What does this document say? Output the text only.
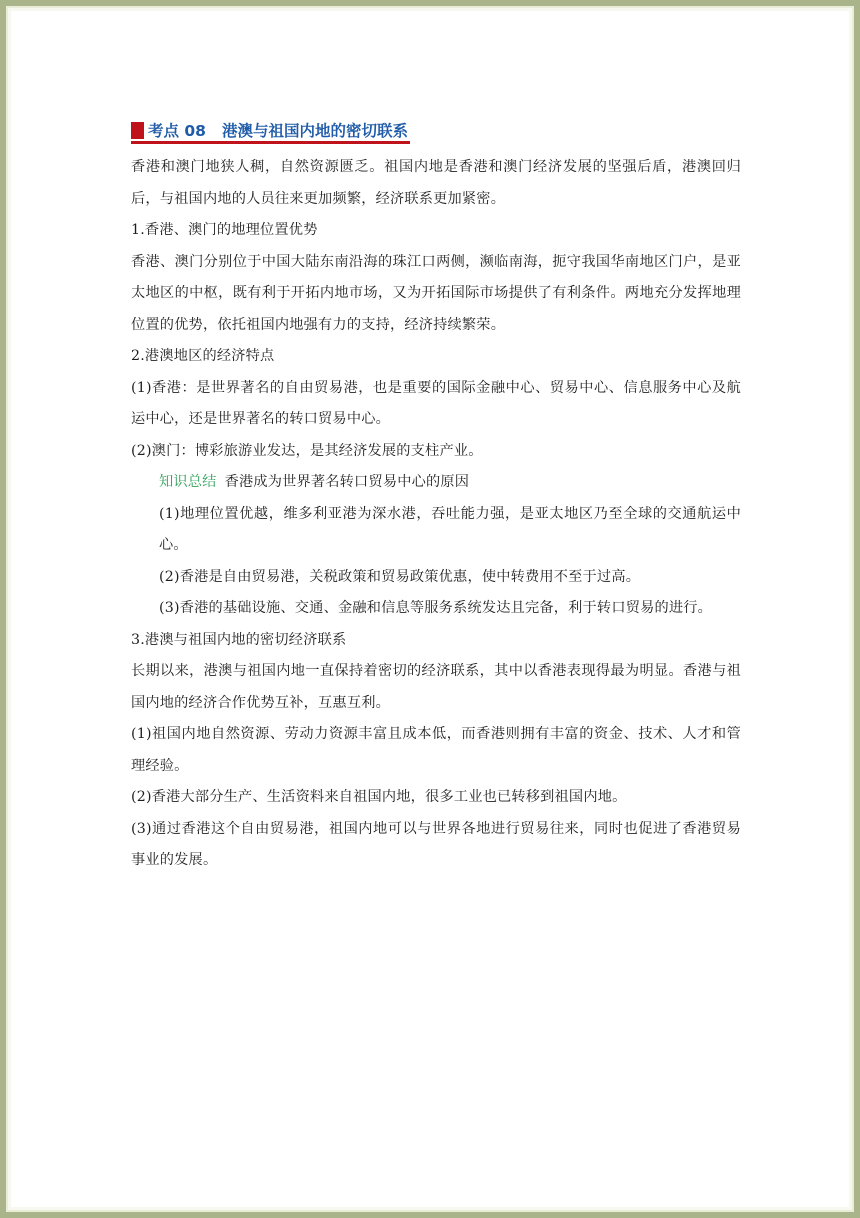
考点 08 港澳与祖国内地的密切联系

香港和澳门地狭人稠，自然资源匮乏。祖国内地是香港和澳门经济发展的坚强后盾，港澳回归后，与祖国内地的人员往来更加频繁，经济联系更加紧密。

1.香港、澳门的地理位置优势

香港、澳门分别位于中国大陆东南沿海的珠江口两侧，濒临南海，扼守我国华南地区门户，是亚太地区的中枢，既有利于开拓内地市场，又为开拓国际市场提供了有利条件。两地充分发挥地理位置的优势，依托祖国内地强有力的支持，经济持续繁荣。

2.港澳地区的经济特点

(1)香港：是世界著名的自由贸易港，也是重要的国际金融中心、贸易中心、信息服务中心及航运中心，还是世界著名的转口贸易中心。

(2)澳门：博彩旅游业发达，是其经济发展的支柱产业。

知识总结 香港成为世界著名转口贸易中心的原因

(1)地理位置优越，维多利亚港为深水港，吞吐能力强，是亚太地区乃至全球的交通航运中心。

(2)香港是自由贸易港，关税政策和贸易政策优惠，使中转费用不至于过高。

(3)香港的基础设施、交通、金融和信息等服务系统发达且完备，利于转口贸易的进行。

3.港澳与祖国内地的密切经济联系

长期以来，港澳与祖国内地一直保持着密切的经济联系，其中以香港表现得最为明显。香港与祖国内地的经济合作优势互补，互惠互利。

(1)祖国内地自然资源、劳动力资源丰富且成本低，而香港则拥有丰富的资金、技术、人才和管理经验。

(2)香港大部分生产、生活资料来自祖国内地，很多工业也已转移到祖国内地。

(3)通过香港这个自由贸易港，祖国内地可以与世界各地进行贸易往来，同时也促进了香港贸易事业的发展。
